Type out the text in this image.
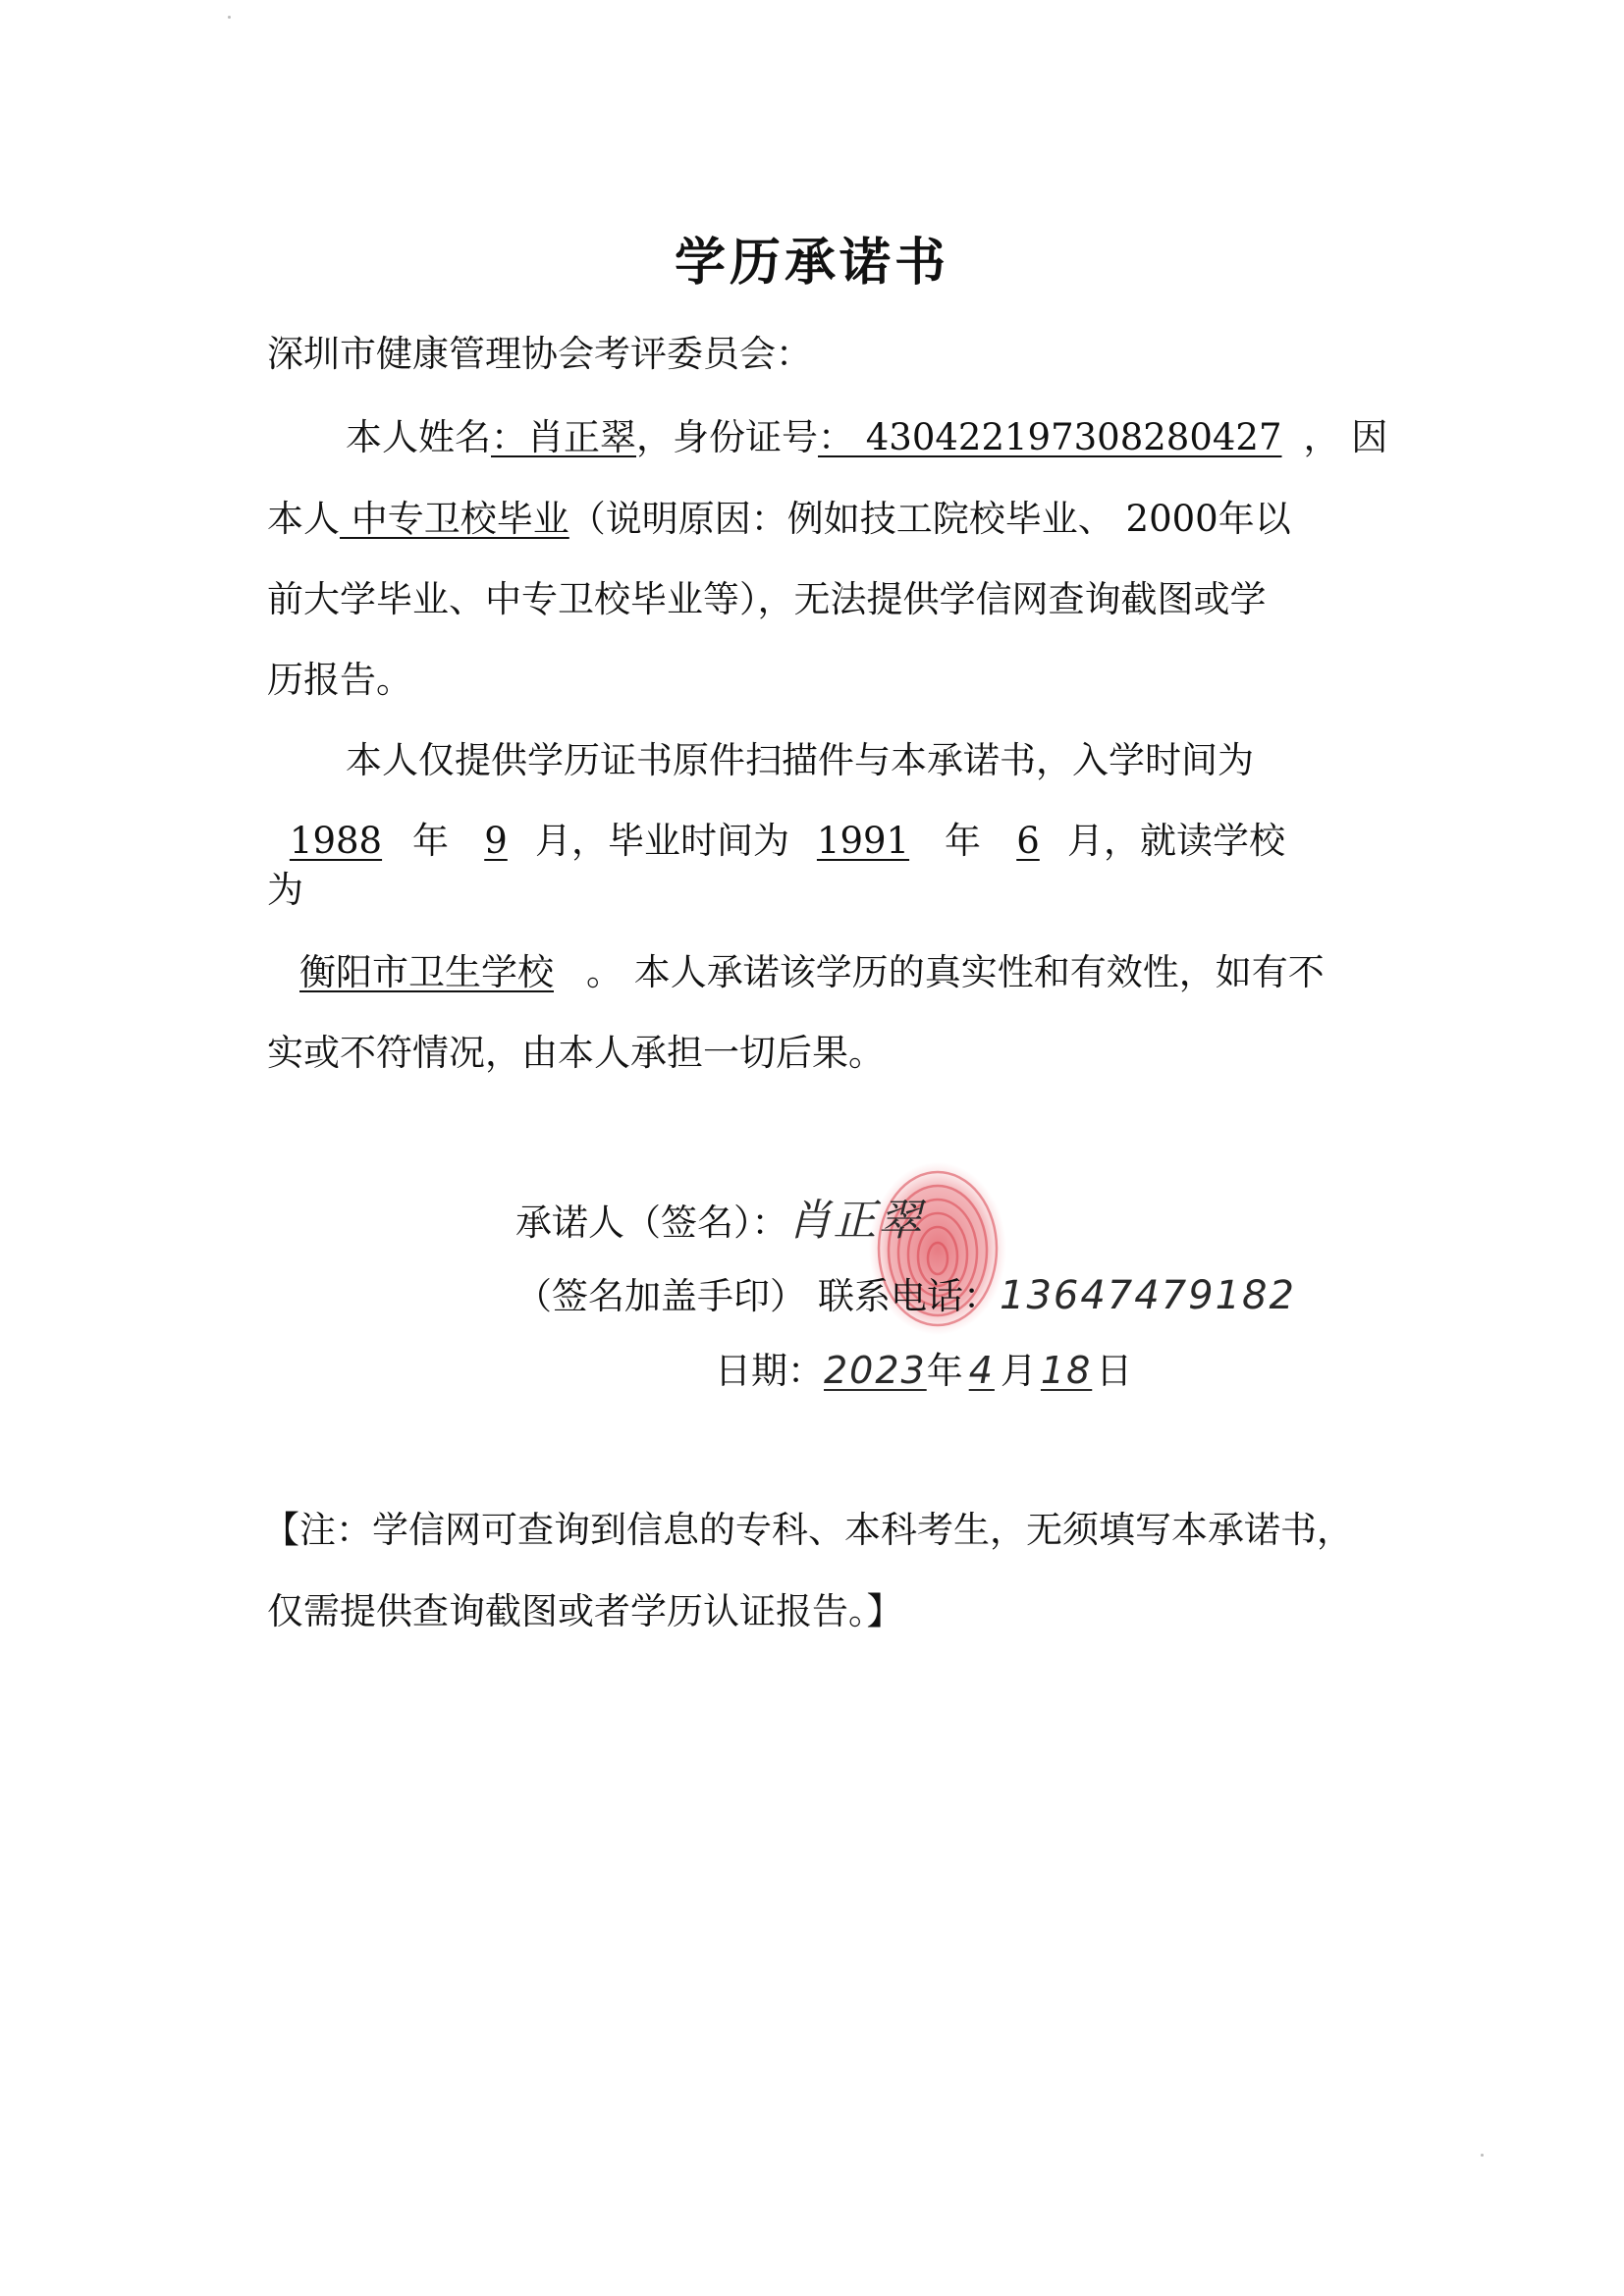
学历承诺书
深圳市健康管理协会考评委员会：
本人姓名：肖正翠，身份证号： 430422197308280427 ， 因
本人 中专卫校毕业（说明原因：例如技工院校毕业、 2000年以
前大学毕业、中专卫校毕业等），无法提供学信网查询截图或学
历报告。
本人仅提供学历证书原件扫描件与本承诺书，入学时间为
1988 年 9 月，毕业时间为 1991 年 6 月，就读学校
为
衡阳市卫生学校 。 本人承诺该学历的真实性和有效性，如有不
实或不符情况，由本人承担一切后果。
承诺人（签名）：肖正翠
（签名加盖手印） 联系电话：13647479182
日期：2023年 4 月 18 日
【注：学信网可查询到信息的专科、本科考生，无须填写本承诺书，
仅需提供查询截图或者学历认证报告。】
